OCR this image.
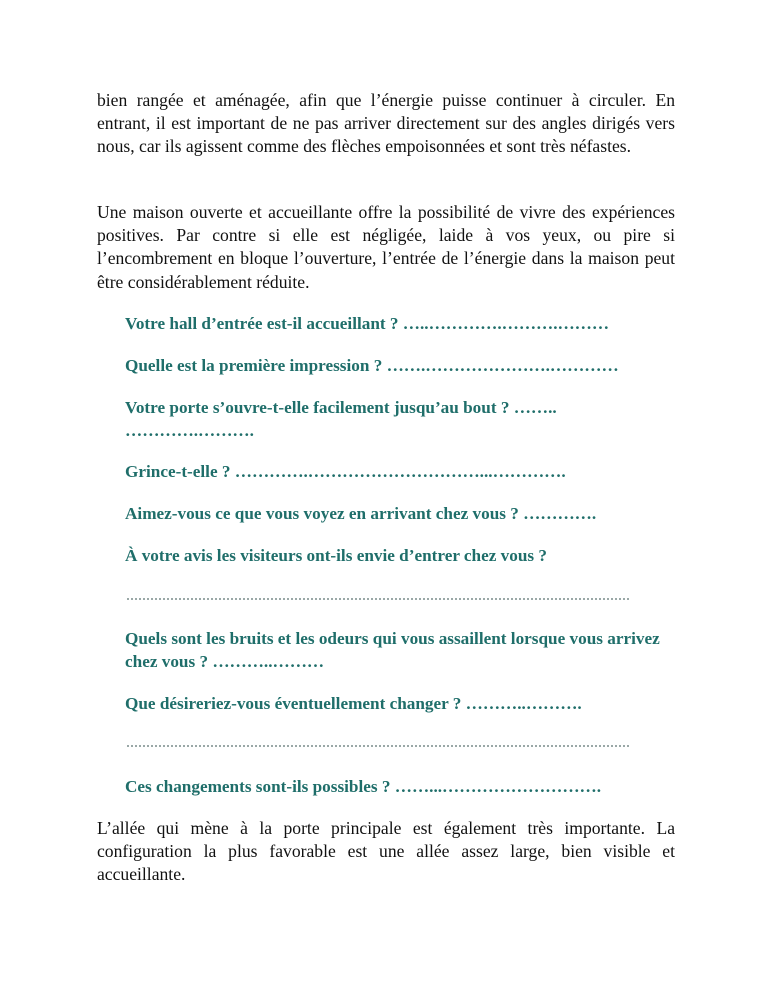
bien rangée et aménagée, afin que l’énergie puisse continuer à circuler. En entrant, il est important de ne pas arriver directement sur des angles dirigés vers nous, car ils agissent comme des flèches empoisonnées et sont très néfastes.

Une maison ouverte et accueillante offre la possibilité de vivre des expériences positives. Par contre si elle est négligée, laide à vos yeux, ou pire si l’encombrement en bloque l’ouverture, l’entrée de l’énergie dans la maison peut être considérablement réduite.

Votre hall d’entrée est-il accueillant ? …..………….……….………

Quelle est la première impression ? …….………………….…………

Votre porte s’ouvre-t-elle facilement jusqu’au bout ? ……..
………….……….

Grince-t-elle ? ………….…………………………...………….

Aimez-vous ce que vous voyez en arrivant chez vous ? ………….

À votre avis les visiteurs ont-ils envie d’entrer chez vous ?

Quels sont les bruits et les odeurs qui vous assaillent lorsque vous arrivez chez vous ? ………..………

Que désireriez-vous éventuellement changer ? ………..……….

Ces changements sont-ils possibles ? ……...……………………….

L’allée qui mène à la porte principale est également très importante. La configuration la plus favorable est une allée assez large, bien visible et accueillante.
